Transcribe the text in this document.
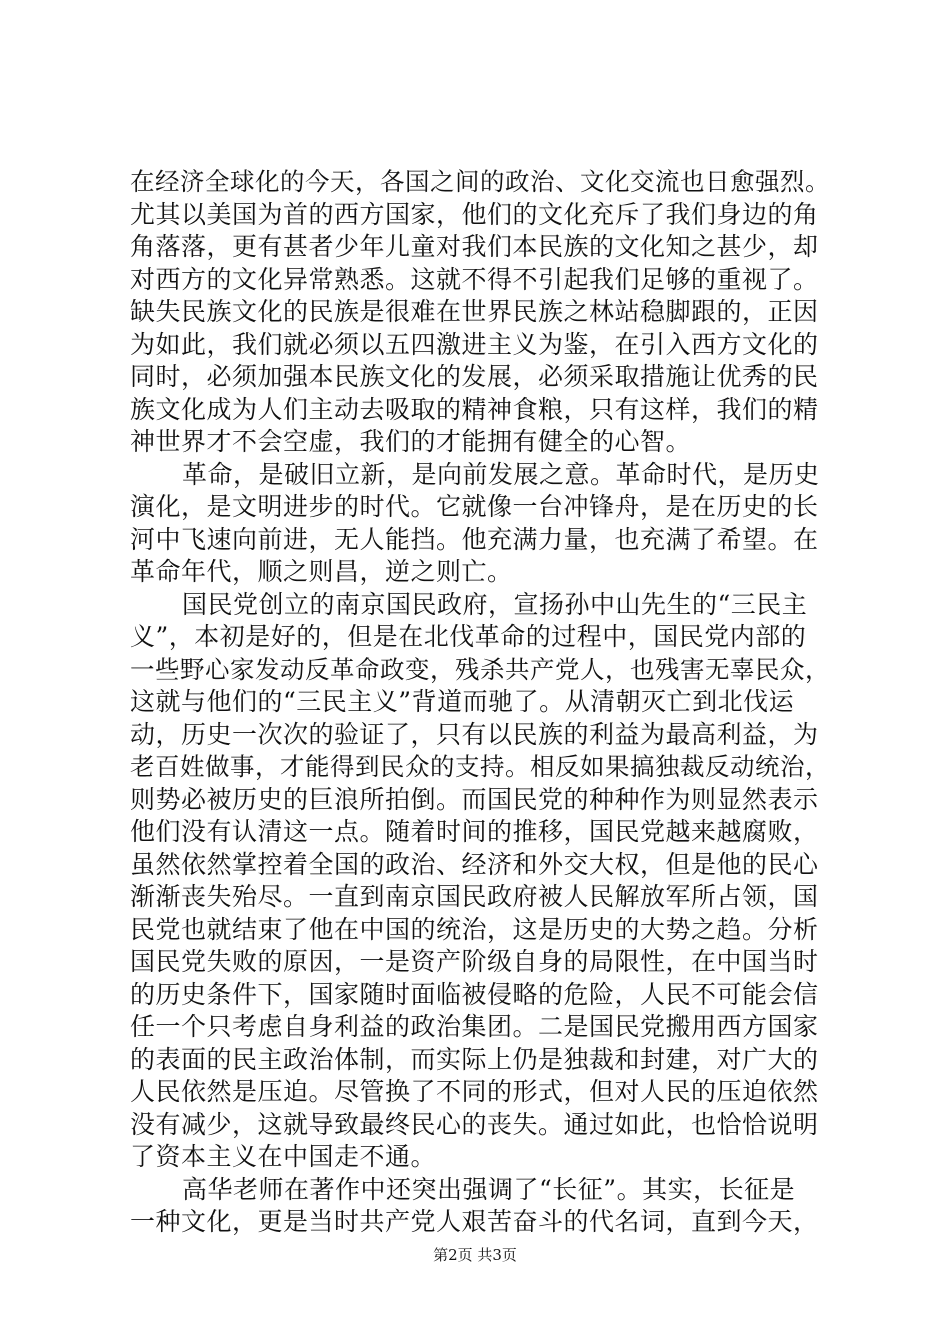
在经济全球化的今天，各国之间的政治、文化交流也日愈强烈。
尤其以美国为首的西方国家，他们的文化充斥了我们身边的角
角落落，更有甚者少年儿童对我们本民族的文化知之甚少，却
对西方的文化异常熟悉。这就不得不引起我们足够的重视了。
缺失民族文化的民族是很难在世界民族之林站稳脚跟的，正因
为如此，我们就必须以五四激进主义为鉴，在引入西方文化的
同时，必须加强本民族文化的发展，必须采取措施让优秀的民
族文化成为人们主动去吸取的精神食粮，只有这样，我们的精
神世界才不会空虚，我们的才能拥有健全的心智。
革命，是破旧立新，是向前发展之意。革命时代，是历史
演化，是文明进步的时代。它就像一台冲锋舟，是在历史的长
河中飞速向前进，无人能挡。他充满力量，也充满了希望。在
革命年代，顺之则昌，逆之则亡。
国民党创立的南京国民政府，宣扬孙中山先生的“三民主
义”，本初是好的，但是在北伐革命的过程中，国民党内部的
一些野心家发动反革命政变，残杀共产党人，也残害无辜民众，
这就与他们的“三民主义”背道而驰了。从清朝灭亡到北伐运
动，历史一次次的验证了，只有以民族的利益为最高利益，为
老百姓做事，才能得到民众的支持。相反如果搞独裁反动统治，
则势必被历史的巨浪所拍倒。而国民党的种种作为则显然表示
他们没有认清这一点。随着时间的推移，国民党越来越腐败，
虽然依然掌控着全国的政治、经济和外交大权，但是他的民心
渐渐丧失殆尽。一直到南京国民政府被人民解放军所占领，国
民党也就结束了他在中国的统治，这是历史的大势之趋。分析
国民党失败的原因，一是资产阶级自身的局限性，在中国当时
的历史条件下，国家随时面临被侵略的危险，人民不可能会信
任一个只考虑自身利益的政治集团。二是国民党搬用西方国家
的表面的民主政治体制，而实际上仍是独裁和封建，对广大的
人民依然是压迫。尽管换了不同的形式，但对人民的压迫依然
没有减少，这就导致最终民心的丧失。通过如此，也恰恰说明
了资本主义在中国走不通。
高华老师在著作中还突出强调了“长征”。其实，长征是
一种文化，更是当时共产党人艰苦奋斗的代名词，直到今天，
第2页 共3页
